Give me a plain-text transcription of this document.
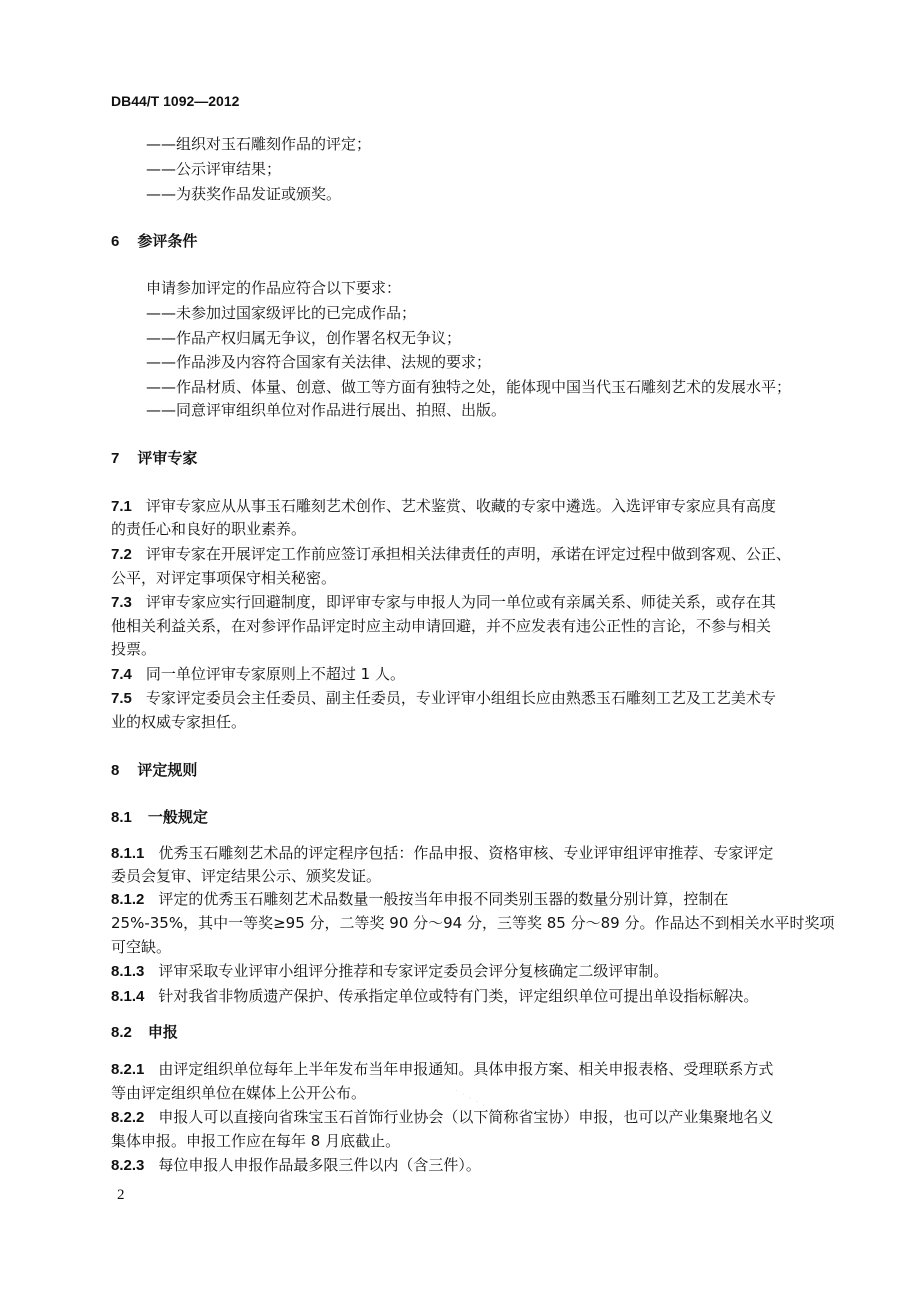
DB44/T 1092—2012
——组织对玉石雕刻作品的评定；
——公示评审结果；
——为获奖作品发证或颁奖。
6 参评条件
申请参加评定的作品应符合以下要求：
——未参加过国家级评比的已完成作品；
——作品产权归属无争议，创作署名权无争议；
——作品涉及内容符合国家有关法律、法规的要求；
——作品材质、体量、创意、做工等方面有独特之处，能体现中国当代玉石雕刻艺术的发展水平；
——同意评审组织单位对作品进行展出、拍照、出版。
7 评审专家
7.1 评审专家应从从事玉石雕刻艺术创作、艺术鉴赏、收藏的专家中遴选。入选评审专家应具有高度
的责任心和良好的职业素养。
7.2 评审专家在开展评定工作前应签订承担相关法律责任的声明，承诺在评定过程中做到客观、公正、
公平，对评定事项保守相关秘密。
7.3 评审专家应实行回避制度，即评审专家与申报人为同一单位或有亲属关系、师徒关系，或存在其
他相关利益关系，在对参评作品评定时应主动申请回避，并不应发表有违公正性的言论，不参与相关
投票。
7.4 同一单位评审专家原则上不超过 1 人。
7.5 专家评定委员会主任委员、副主任委员，专业评审小组组长应由熟悉玉石雕刻工艺及工艺美术专
业的权威专家担任。
8 评定规则
8.1 一般规定
8.1.1 优秀玉石雕刻艺术品的评定程序包括：作品申报、资格审核、专业评审组评审推荐、专家评定
委员会复审、评定结果公示、颁奖发证。
8.1.2 评定的优秀玉石雕刻艺术品数量一般按当年申报不同类别玉器的数量分别计算，控制在
25%-35%，其中一等奖≥95 分，二等奖 90 分～94 分，三等奖 85 分～89 分。作品达不到相关水平时奖项
可空缺。
8.1.3 评审采取专业评审小组评分推荐和专家评定委员会评分复核确定二级评审制。
8.1.4 针对我省非物质遗产保护、传承指定单位或特有门类，评定组织单位可提出单设指标解决。
8.2 申报
8.2.1 由评定组织单位每年上半年发布当年申报通知。具体申报方案、相关申报表格、受理联系方式
等由评定组织单位在媒体上公开公布。
8.2.2 申报人可以直接向省珠宝玉石首饰行业协会（以下简称省宝协）申报，也可以产业集聚地名义
集体申报。申报工作应在每年 8 月底截止。
8.2.3 每位申报人申报作品最多限三件以内（含三件）。
· · · · · ·
2
